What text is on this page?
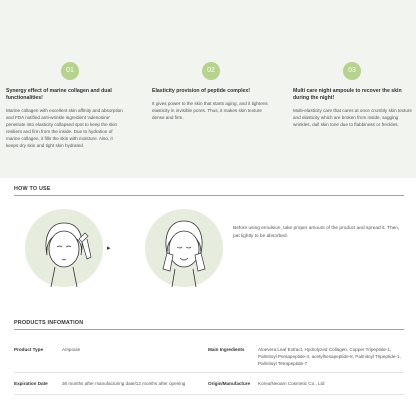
01
Synergy effect of marine collagen and dual functionalities!
Marine collagen with excellent skin affinity and absorption and FDA notified anti-wrinkle ingredient 'adenosine' penetrate into elasticity collapsed spot to keep the skin resilient and firm from the inside. Due to hydration of marine collagen, it fills the skin with moisture. Also, it keeps dry skin and tight skin hydrated.
02
Elasticity provision of peptide complex!
It gives power to the skin that starts aging, and it tightens elasticity in invisible pores. Thus, it makes skin texture dense and firm.
03
Multi care night ampoule to recover the skin during the night!
Multi-elasticity care that cares at once crumbly skin texture and elasticity which are broken from inside, sagging wrinkles, dull skin tone due to flabbiness or freckles.
HOW TO USE
▸
Before using emulsion, take proper amount of the product and spread it. Then, pat lightly to be absorbed.
PRODUCTS INFOMATION
Product Type	Ampoule	Main Ingredients	Aloevera Leaf Extract, Hydrolyzed Collagen, Copper Tripeptide-1, Palmitoyl Pentapeptide-4, acetylhexapeptide-8, Palmitoyl Tripeptide-1, Palmitoyl Tetrapeptide-7
Expiration Date	36 months after manufacturing date/12 months after opening	Origin/Manufacture Korea/Neoarn Cosmetic Co., Ltd
